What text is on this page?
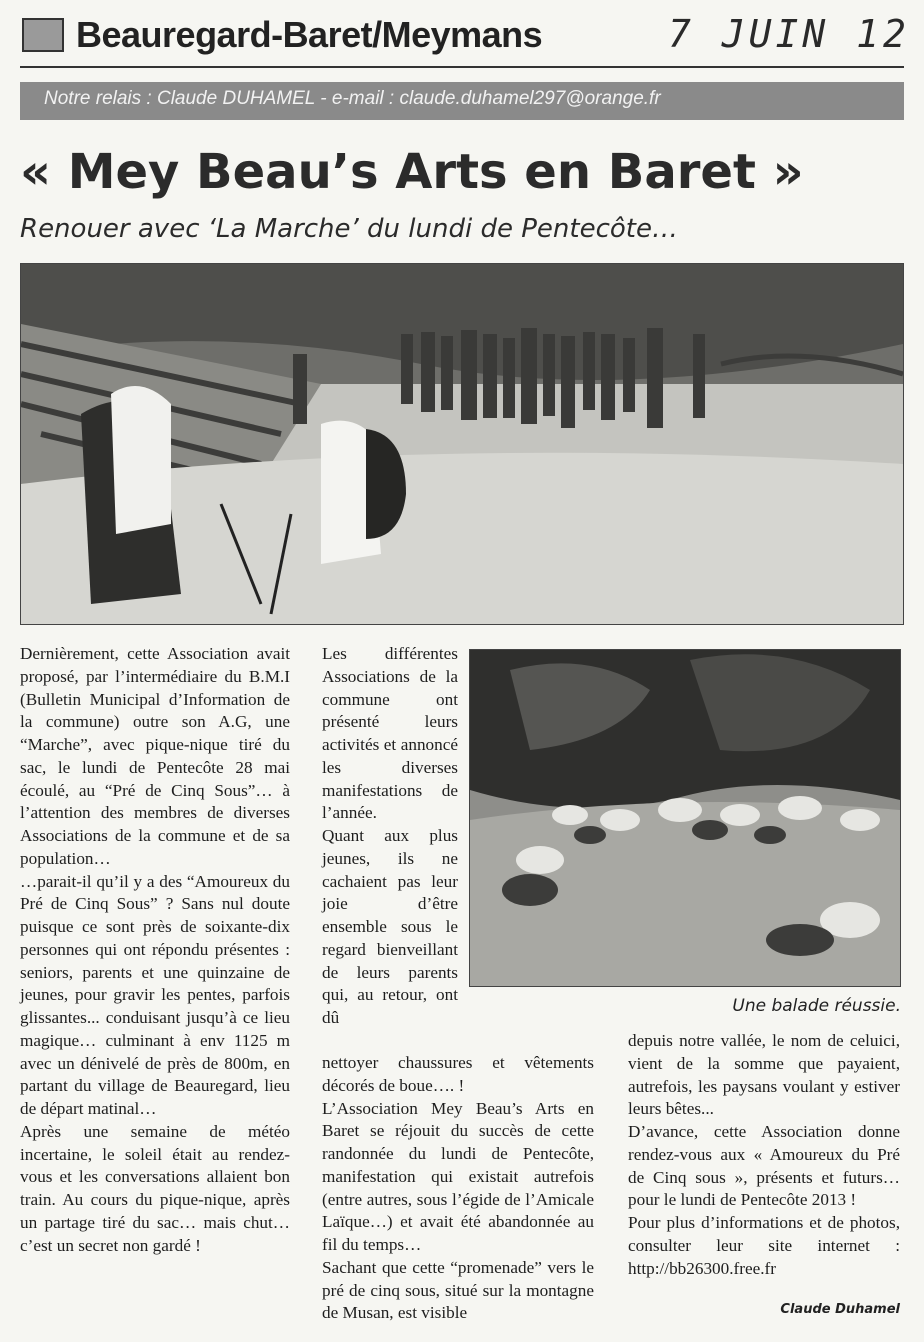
Beauregard-Baret/Meymans	7 JUIN 12
Notre relais : Claude DUHAMEL - e-mail : claude.duhamel297@orange.fr
« Mey Beau’s Arts en Baret »
Renouer avec ‘La Marche’ du lundi de Pentecôte…

Dernièrement, cette Association avait proposé, par l’intermédiaire du B.M.I (Bulletin Municipal d’Information de la commune) outre son A.G, une “Marche”, avec pique-nique tiré du sac, le lundi de Pentecôte 28 mai écoulé, au “Pré de Cinq Sous”… à l’attention des membres de diverses Associations de la commune et de sa population…

…parait-il qu’il y a des “Amoureux du Pré de Cinq Sous” ? Sans nul doute puisque ce sont près de soixante-dix personnes qui ont répondu présentes : seniors, parents et une quinzaine de jeunes, pour gravir les pentes, parfois glissantes... conduisant jusqu’à ce lieu magique… culminant à env 1125 m avec un dénivelé de près de 800m, en partant du village de Beauregard, lieu de départ matinal…

Après une semaine de météo incertaine, le soleil était au rendez-vous et les conversations allaient bon train. Au cours du pique-nique, après un partage tiré du sac… mais chut… c’est un secret non gardé !

Les différentes Associations de la commune ont présenté leurs activités et annoncé les diverses manifestations de l’année.

Quant aux plus jeunes, ils ne cachaient pas leur joie d’être ensemble sous le regard bienveillant de leurs parents qui, au retour, ont dû

Une balade réussie.

nettoyer chaussures et vêtements décorés de boue…. !

L’Association Mey Beau’s Arts en Baret se réjouit du succès de cette randonnée du lundi de Pentecôte, manifestation qui existait autrefois (entre autres, sous l’égide de l’Amicale Laïque…) et avait été abandonnée au fil du temps…

Sachant que cette “promenade” vers le pré de cinq sous, situé sur la montagne de Musan, est visible

depuis notre vallée, le nom de celuici, vient de la somme que payaient, autrefois, les paysans voulant y estiver leurs bêtes...

D’avance, cette Association donne rendez-vous aux « Amoureux du Pré de Cinq sous », présents et futurs… pour le lundi de Pentecôte 2013 !

Pour plus d’informations et de photos, consulter leur site internet : http://bb26300.free.fr

Claude Duhamel
